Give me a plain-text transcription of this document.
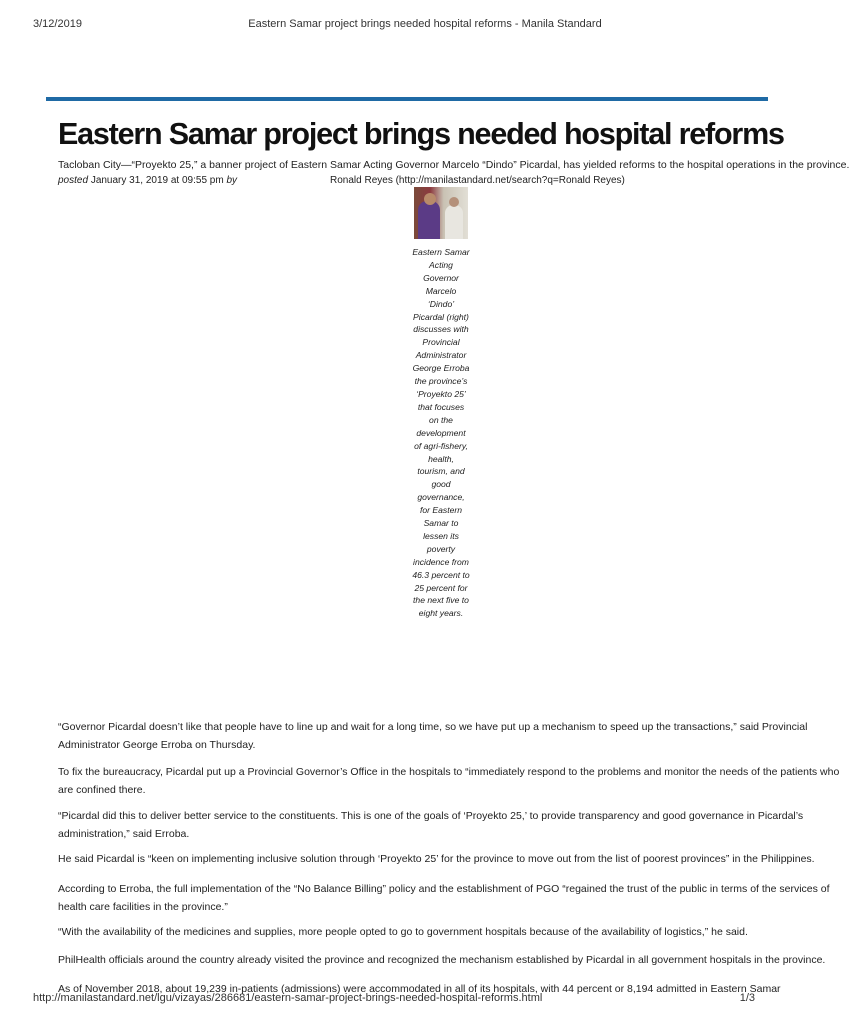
3/12/2019	Eastern Samar project brings needed hospital reforms - Manila Standard
Eastern Samar project brings needed hospital reforms
Tacloban City—“Proyekto 25,” a banner project of Eastern Samar Acting Governor Marcelo “Dindo” Picardal, has yielded reforms to the hospital operations in the province.
posted January 31, 2019 at 09:55 pm by	Ronald Reyes (http://manilastandard.net/search?q=Ronald Reyes)
Eastern Samar Acting Governor Marcelo ‘Dindo’ Picardal (right) discusses with Provincial Administrator George Erroba the province’s ‘Proyekto 25’ that focuses on the development of agri-fishery, health, tourism, and good governance, for Eastern Samar to lessen its poverty incidence from 46.3 percent to 25 percent for the next five to eight years.
“Governor Picardal doesn’t like that people have to line up and wait for a long time, so we have put up a mechanism to speed up the transactions,” said Provincial
Administrator George Erroba on Thursday.
To fix the bureaucracy, Picardal put up a Provincial Governor’s Office in the hospitals to “immediately respond to the problems and monitor the needs of the patients who
are confined there.
“Picardal did this to deliver better service to the constituents. This is one of the goals of ‘Proyekto 25,’ to provide transparency and good governance in Picardal’s
administration,” said Erroba.
He said Picardal is “keen on implementing inclusive solution through ‘Proyekto 25’ for the province to move out from the list of poorest provinces” in the Philippines.
According to Erroba, the full implementation of the “No Balance Billing” policy and the establishment of PGO “regained the trust of the public in terms of the services of
health care facilities in the province.”
“With the availability of the medicines and supplies, more people opted to go to government hospitals because of the availability of logistics,” he said.
PhilHealth officials around the country already visited the province and recognized the mechanism established by Picardal in all government hospitals in the province.
As of November 2018, about 19,239 in-patients (admissions) were accommodated in all of its hospitals, with 44 percent or 8,194 admitted in Eastern Samar
http://manilastandard.net/lgu/vizayas/286681/eastern-samar-project-brings-needed-hospital-reforms.html	1/3
